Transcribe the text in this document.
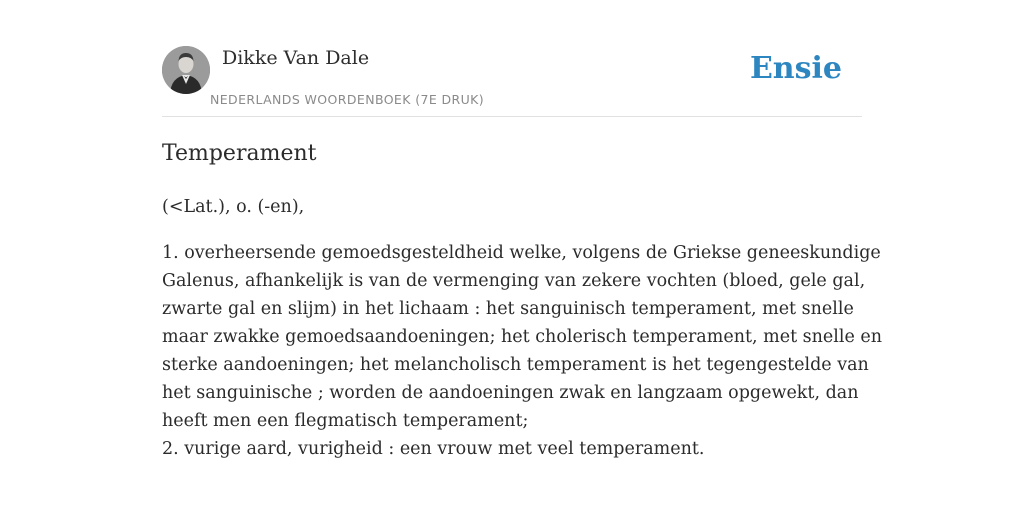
Dikke Van Dale
NEDERLANDS WOORDENBOEK (7E DRUK)
Ensie
Temperament

(<Lat.), o. (-en),

1. overheersende gemoedsgesteldheid welke, volgens de Griekse geneeskundige
Galenus, afhankelijk is van de vermenging van zekere vochten (bloed, gele gal,
zwarte gal en slijm) in het lichaam : het sanguinisch temperament, met snelle
maar zwakke gemoedsaandoeningen; het cholerisch temperament, met snelle en
sterke aandoeningen; het melancholisch temperament is het tegengestelde van
het sanguinische ; worden de aandoeningen zwak en langzaam opgewekt, dan
heeft men een flegmatisch temperament;
2. vurige aard, vurigheid : een vrouw met veel temperament.
